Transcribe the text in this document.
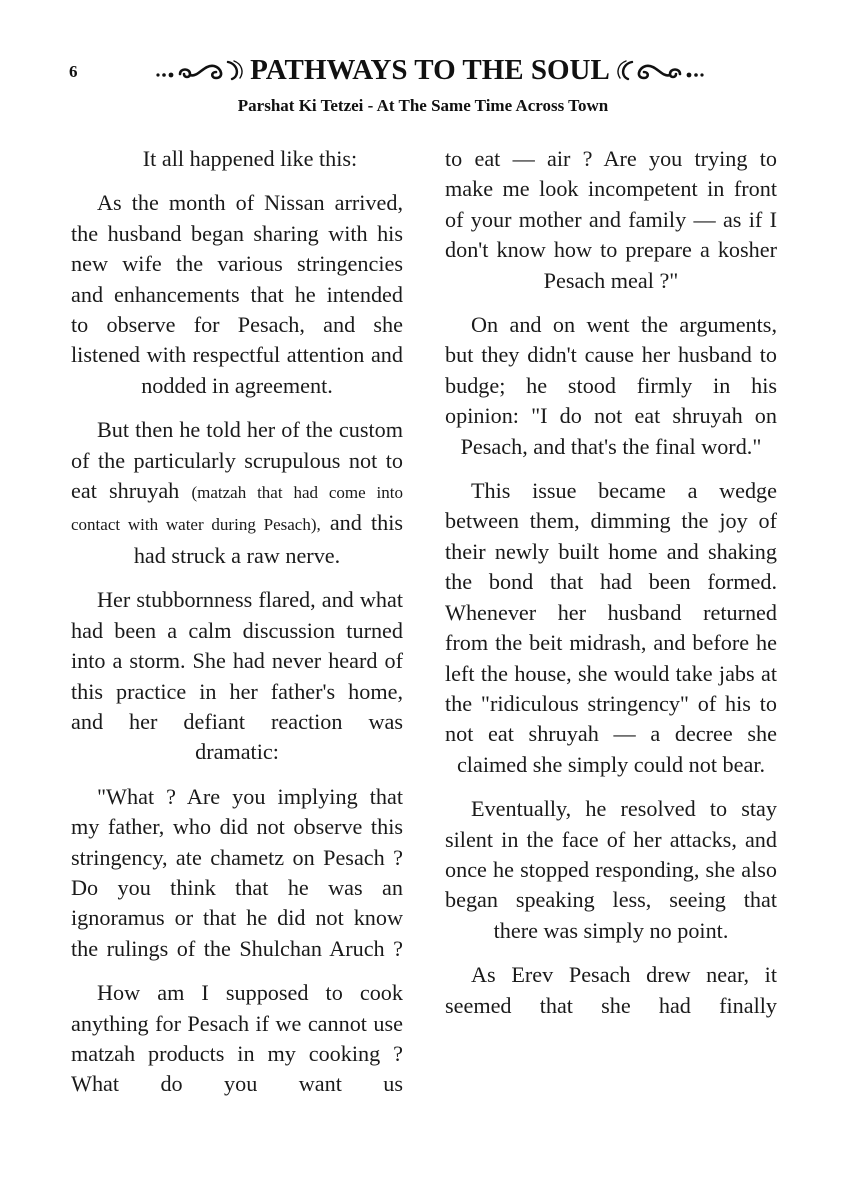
6	PATHWAYS TO THE SOUL
Parshat Ki Tetzei - At The Same Time Across Town

It all happened like this:

As the month of Nissan arrived, the husband began sharing with his new wife the various stringencies and enhancements that he intended to observe for Pesach, and she listened with respectful attention and nodded in agreement.

But then he told her of the custom of the particularly scrupulous not to eat shruyah (matzah that had come into contact with water during Pesach), and this had struck a raw nerve.

Her stubbornness flared, and what had been a calm discussion turned into a storm. She had never heard of this practice in her father's home, and her defiant reaction was dramatic:

"What ? Are you implying that my father, who did not observe this stringency, ate chametz on Pesach ? Do you think that he was an ignoramus or that he did not know the rulings of the Shulchan Aruch ?

How am I supposed to cook anything for Pesach if we cannot use matzah products in my cooking ? What do you want us

to eat — air ? Are you trying to make me look incompetent in front of your mother and family — as if I don't know how to prepare a kosher Pesach meal ?"

On and on went the arguments, but they didn't cause her husband to budge; he stood firmly in his opinion: "I do not eat shruyah on Pesach, and that's the final word."

This issue became a wedge between them, dimming the joy of their newly built home and shaking the bond that had been formed. Whenever her husband returned from the beit midrash, and before he left the house, she would take jabs at the "ridiculous stringency" of his to not eat shruyah — a decree she claimed she simply could not bear.

Eventually, he resolved to stay silent in the face of her attacks, and once he stopped responding, she also began speaking less, seeing that there was simply no point.

As Erev Pesach drew near, it seemed that she had finally
